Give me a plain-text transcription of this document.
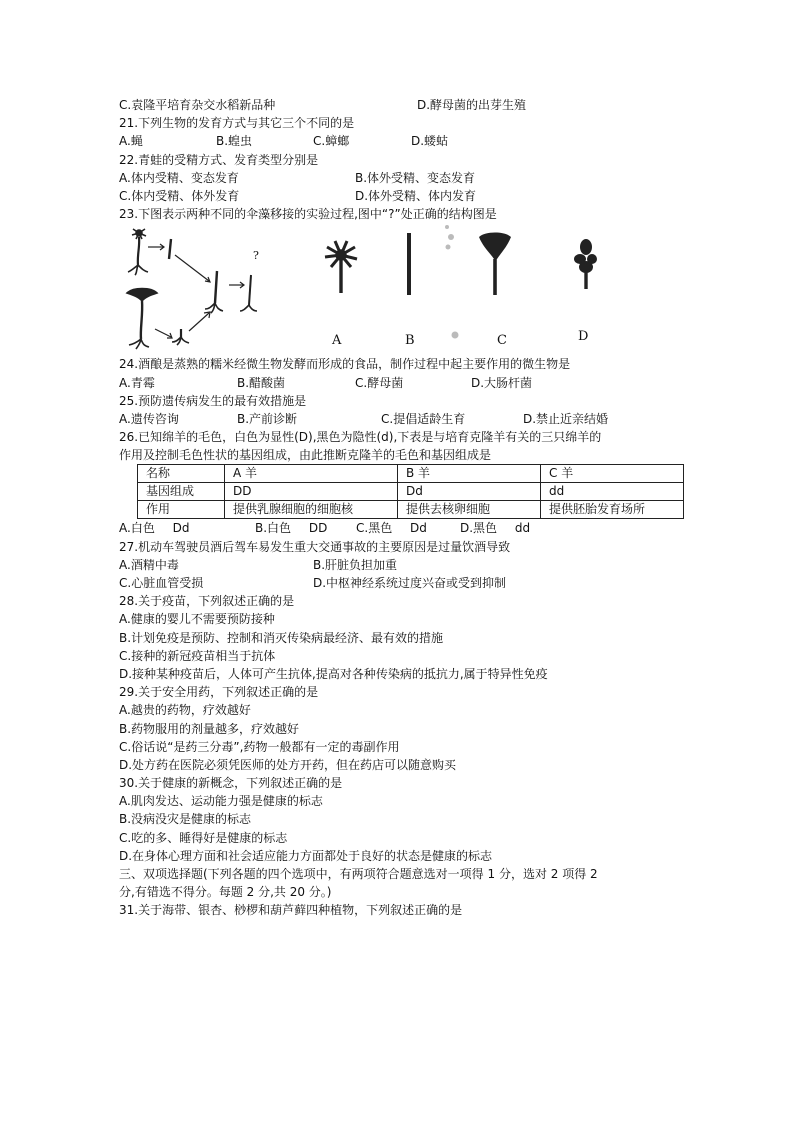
C.袁隆平培育杂交水稻新品种	D.酵母菌的出芽生殖
21.下列生物的发育方式与其它三个不同的是
A.蝇	B.蝗虫	C.蟑螂	D.蝼蛄
22.青蛙的受精方式、发育类型分别是
A.体内受精、变态发育	B.体外受精、变态发育
C.体内受精、体外发育	D.体外受精、体内发育
23.下图表示两种不同的伞藻移接的实验过程,图中“?”处正确的结构图是
?
A	B	C	D
24.酒酿是蒸熟的糯米经微生物发酵而形成的食品，制作过程中起主要作用的微生物是
A.青霉	B.醋酸菌	C.酵母菌	D.大肠杆菌
25.预防遗传病发生的最有效措施是
A.遗传咨询	B.产前诊断	C.提倡适龄生育	D.禁止近亲结婚
26.已知绵羊的毛色，白色为显性(D),黑色为隐性(d),下表是与培育克隆羊有关的三只绵羊的
作用及控制毛色性状的基因组成，由此推断克隆羊的毛色和基因组成是
名称	A 羊	B 羊	C 羊
基因组成	DD	Dd	dd
作用	提供乳腺细胞的细胞核	提供去核卵细胞	提供胚胎发育场所
A.白色 Dd	B.白色 DD C.黑色 Dd	D.黑色 dd
27.机动车驾驶员酒后驾车易发生重大交通事故的主要原因是过量饮酒导致
A.酒精中毒	B.肝脏负担加重
C.心脏血管受损	D.中枢神经系统过度兴奋或受到抑制
28.关于疫苗，下列叙述正确的是
A.健康的婴儿不需要预防接种
B.计划免疫是预防、控制和消灭传染病最经济、最有效的措施
C.接种的新冠疫苗相当于抗体
D.接种某种疫苗后，人体可产生抗体,提高对各种传染病的抵抗力,属于特异性免疫
29.关于安全用药，下列叙述正确的是
A.越贵的药物，疗效越好
B.药物服用的剂量越多，疗效越好
C.俗话说“是药三分毒”,药物一般都有一定的毒副作用
D.处方药在医院必须凭医师的处方开药，但在药店可以随意购买
30.关于健康的新概念，下列叙述正确的是
A.肌肉发达、运动能力强是健康的标志
B.没病没灾是健康的标志
C.吃的多、睡得好是健康的标志
D.在身体心理方面和社会适应能力方面都处于良好的状态是健康的标志
三、双项选择题(下列各题的四个选项中，有两项符合题意选对一项得 1 分，选对 2 项得 2
分,有错选不得分。每题 2 分,共 20 分。)
31.关于海带、银杏、桫椤和葫芦藓四种植物，下列叙述正确的是
